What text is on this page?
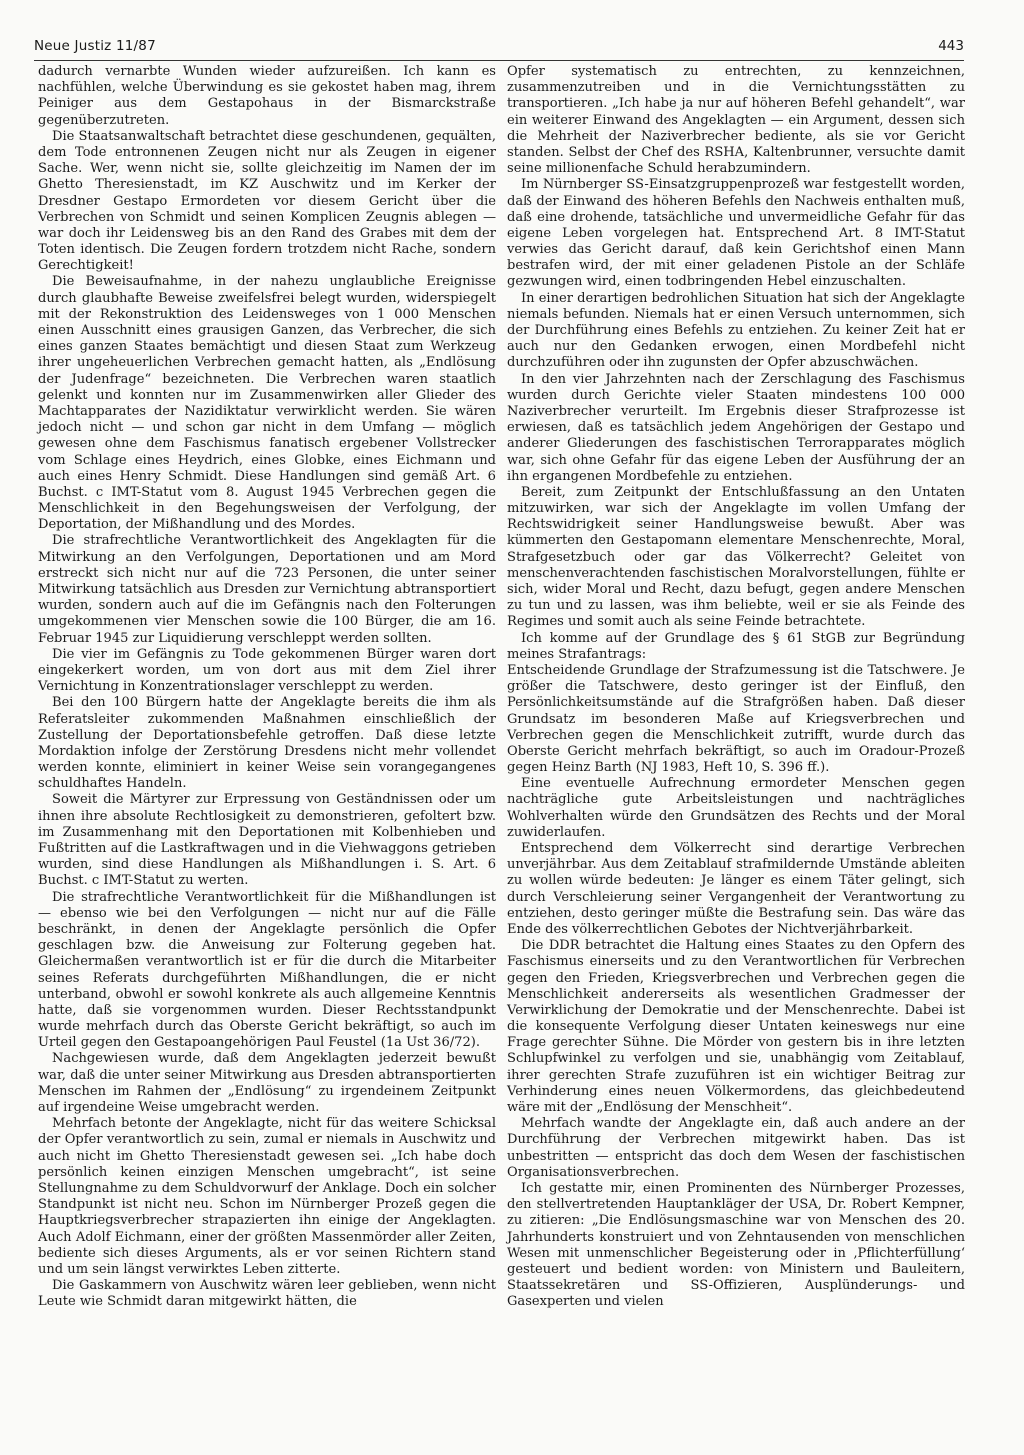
Neue Justiz 11/87	443

dadurch vernarbte Wunden wieder aufzureißen. Ich kann es nachfühlen, welche Überwindung es sie gekostet haben mag, ihrem Peiniger aus dem Gestapohaus in der Bismarckstraße gegenüberzutreten.

Die Staatsanwaltschaft betrachtet diese geschundenen, gequälten, dem Tode entronnenen Zeugen nicht nur als Zeugen in eigener Sache. Wer, wenn nicht sie, sollte gleichzeitig im Namen der im Ghetto Theresienstadt, im KZ Auschwitz und im Kerker der Dresdner Gestapo Ermordeten vor diesem Gericht über die Verbrechen von Schmidt und seinen Komplicen Zeugnis ablegen — war doch ihr Leidensweg bis an den Rand des Grabes mit dem der Toten identisch. Die Zeugen fordern trotzdem nicht Rache, sondern Gerechtigkeit!

Die Beweisaufnahme, in der nahezu unglaubliche Ereignisse durch glaubhafte Beweise zweifelsfrei belegt wurden, widerspiegelt mit der Rekonstruktion des Leidensweges von 1 000 Menschen einen Ausschnitt eines grausigen Ganzen, das Verbrecher, die sich eines ganzen Staates bemächtigt und diesen Staat zum Werkzeug ihrer ungeheuerlichen Verbrechen gemacht hatten, als „Endlösung der Judenfrage“ bezeichneten. Die Verbrechen waren staatlich gelenkt und konnten nur im Zusammenwirken aller Glieder des Machtapparates der Nazidiktatur verwirklicht werden. Sie wären jedoch nicht — und schon gar nicht in dem Umfang — möglich gewesen ohne dem Faschismus fanatisch ergebener Vollstrecker vom Schlage eines Heydrich, eines Globke, eines Eichmann und auch eines Henry Schmidt. Diese Handlungen sind gemäß Art. 6 Buchst. c IMT-Statut vom 8. August 1945 Verbrechen gegen die Menschlichkeit in den Begehungsweisen der Verfolgung, der Deportation, der Mißhandlung und des Mordes.

Die strafrechtliche Verantwortlichkeit des Angeklagten für die Mitwirkung an den Verfolgungen, Deportationen und am Mord erstreckt sich nicht nur auf die 723 Personen, die unter seiner Mitwirkung tatsächlich aus Dresden zur Vernichtung abtransportiert wurden, sondern auch auf die im Gefängnis nach den Folterungen umgekommenen vier Menschen sowie die 100 Bürger, die am 16. Februar 1945 zur Liquidierung verschleppt werden sollten.

Die vier im Gefängnis zu Tode gekommenen Bürger waren dort eingekerkert worden, um von dort aus mit dem Ziel ihrer Vernichtung in Konzentrationslager verschleppt zu werden.

Bei den 100 Bürgern hatte der Angeklagte bereits die ihm als Referatsleiter zukommenden Maßnahmen einschließlich der Zustellung der Deportationsbefehle getroffen. Daß diese letzte Mordaktion infolge der Zerstörung Dresdens nicht mehr vollendet werden konnte, eliminiert in keiner Weise sein vorangegangenes schuldhaftes Handeln.

Soweit die Märtyrer zur Erpressung von Geständnissen oder um ihnen ihre absolute Rechtlosigkeit zu demonstrieren, gefoltert bzw. im Zusammenhang mit den Deportationen mit Kolbenhieben und Fußtritten auf die Lastkraftwagen und in die Viehwaggons getrieben wurden, sind diese Handlungen als Mißhandlungen i. S. Art. 6 Buchst. c IMT-Statut zu werten.

Die strafrechtliche Verantwortlichkeit für die Mißhandlungen ist — ebenso wie bei den Verfolgungen — nicht nur auf die Fälle beschränkt, in denen der Angeklagte persönlich die Opfer geschlagen bzw. die Anweisung zur Folterung gegeben hat. Gleichermaßen verantwortlich ist er für die durch die Mitarbeiter seines Referats durchgeführten Mißhandlungen, die er nicht unterband, obwohl er sowohl konkrete als auch allgemeine Kenntnis hatte, daß sie vorgenommen wurden. Dieser Rechtsstandpunkt wurde mehrfach durch das Oberste Gericht bekräftigt, so auch im Urteil gegen den Gestapoangehörigen Paul Feustel (1a Ust 36/72).

Nachgewiesen wurde, daß dem Angeklagten jederzeit bewußt war, daß die unter seiner Mitwirkung aus Dresden abtransportierten Menschen im Rahmen der „Endlösung“ zu irgendeinem Zeitpunkt auf irgendeine Weise umgebracht werden.

Mehrfach betonte der Angeklagte, nicht für das weitere Schicksal der Opfer verantwortlich zu sein, zumal er niemals in Auschwitz und auch nicht im Ghetto Theresienstadt gewesen sei. „Ich habe doch persönlich keinen einzigen Menschen umgebracht“, ist seine Stellungnahme zu dem Schuldvorwurf der Anklage. Doch ein solcher Standpunkt ist nicht neu. Schon im Nürnberger Prozeß gegen die Hauptkriegsverbrecher strapazierten ihn einige der Angeklagten. Auch Adolf Eichmann, einer der größten Massenmörder aller Zeiten, bediente sich dieses Arguments, als er vor seinen Richtern stand und um sein längst verwirktes Leben zitterte.

Die Gaskammern von Auschwitz wären leer geblieben, wenn nicht Leute wie Schmidt daran mitgewirkt hätten, die

Opfer systematisch zu entrechten, zu kennzeichnen, zusammenzutreiben und in die Vernichtungsstätten zu transportieren. „Ich habe ja nur auf höheren Befehl gehandelt“, war ein weiterer Einwand des Angeklagten — ein Argument, dessen sich die Mehrheit der Naziverbrecher bediente, als sie vor Gericht standen. Selbst der Chef des RSHA, Kaltenbrunner, versuchte damit seine millionenfache Schuld herabzumindern.

Im Nürnberger SS-Einsatzgruppenprozeß war festgestellt worden, daß der Einwand des höheren Befehls den Nachweis enthalten muß, daß eine drohende, tatsächliche und unvermeidliche Gefahr für das eigene Leben vorgelegen hat. Entsprechend Art. 8 IMT-Statut verwies das Gericht darauf, daß kein Gerichtshof einen Mann bestrafen wird, der mit einer geladenen Pistole an der Schläfe gezwungen wird, einen todbringenden Hebel einzuschalten.

In einer derartigen bedrohlichen Situation hat sich der Angeklagte niemals befunden. Niemals hat er einen Versuch unternommen, sich der Durchführung eines Befehls zu entziehen. Zu keiner Zeit hat er auch nur den Gedanken erwogen, einen Mordbefehl nicht durchzuführen oder ihn zugunsten der Opfer abzuschwächen.

In den vier Jahrzehnten nach der Zerschlagung des Faschismus wurden durch Gerichte vieler Staaten mindestens 100 000 Naziverbrecher verurteilt. Im Ergebnis dieser Strafprozesse ist erwiesen, daß es tatsächlich jedem Angehörigen der Gestapo und anderer Gliederungen des faschistischen Terrorapparates möglich war, sich ohne Gefahr für das eigene Leben der Ausführung der an ihn ergangenen Mordbefehle zu entziehen.

Bereit, zum Zeitpunkt der Entschlußfassung an den Untaten mitzuwirken, war sich der Angeklagte im vollen Umfang der Rechtswidrigkeit seiner Handlungsweise bewußt. Aber was kümmerten den Gestapomann elementare Menschenrechte, Moral, Strafgesetzbuch oder gar das Völkerrecht? Geleitet von menschenverachtenden faschistischen Moralvorstellungen, fühlte er sich, wider Moral und Recht, dazu befugt, gegen andere Menschen zu tun und zu lassen, was ihm beliebte, weil er sie als Feinde des Regimes und somit auch als seine Feinde betrachtete.

Ich komme auf der Grundlage des § 61 StGB zur Begründung meines Strafantrags:

Entscheidende Grundlage der Strafzumessung ist die Tatschwere. Je größer die Tatschwere, desto geringer ist der Einfluß, den Persönlichkeitsumstände auf die Strafgrößen haben. Daß dieser Grundsatz im besonderen Maße auf Kriegsverbrechen und Verbrechen gegen die Menschlichkeit zutrifft, wurde durch das Oberste Gericht mehrfach bekräftigt, so auch im Oradour-Prozeß gegen Heinz Barth (NJ 1983, Heft 10, S. 396 ff.).

Eine eventuelle Aufrechnung ermordeter Menschen gegen nachträgliche gute Arbeitsleistungen und nachträgliches Wohlverhalten würde den Grundsätzen des Rechts und der Moral zuwiderlaufen.

Entsprechend dem Völkerrecht sind derartige Verbrechen unverjährbar. Aus dem Zeitablauf strafmildernde Umstände ableiten zu wollen würde bedeuten: Je länger es einem Täter gelingt, sich durch Verschleierung seiner Vergangenheit der Verantwortung zu entziehen, desto geringer müßte die Bestrafung sein. Das wäre das Ende des völkerrechtlichen Gebotes der Nichtverjährbarkeit.

Die DDR betrachtet die Haltung eines Staates zu den Opfern des Faschismus einerseits und zu den Verantwortlichen für Verbrechen gegen den Frieden, Kriegsverbrechen und Verbrechen gegen die Menschlichkeit andererseits als wesentlichen Gradmesser der Verwirklichung der Demokratie und der Menschenrechte. Dabei ist die konsequente Verfolgung dieser Untaten keineswegs nur eine Frage gerechter Sühne. Die Mörder von gestern bis in ihre letzten Schlupfwinkel zu verfolgen und sie, unabhängig vom Zeitablauf, ihrer gerechten Strafe zuzuführen ist ein wichtiger Beitrag zur Verhinderung eines neuen Völkermordens, das gleichbedeutend wäre mit der „Endlösung der Menschheit“.

Mehrfach wandte der Angeklagte ein, daß auch andere an der Durchführung der Verbrechen mitgewirkt haben. Das ist unbestritten — entspricht das doch dem Wesen der faschistischen Organisationsverbrechen.

Ich gestatte mir, einen Prominenten des Nürnberger Prozesses, den stellvertretenden Hauptankläger der USA, Dr. Robert Kempner, zu zitieren: „Die Endlösungsmaschine war von Menschen des 20. Jahrhunderts konstruiert und von Zehntausenden von menschlichen Wesen mit unmenschlicher Begeisterung oder in ‚Pflichterfüllung‘ gesteuert und bedient worden: von Ministern und Bauleitern, Staatssekretären und SS-Offizieren, Ausplünderungs- und Gasexperten und vielen
